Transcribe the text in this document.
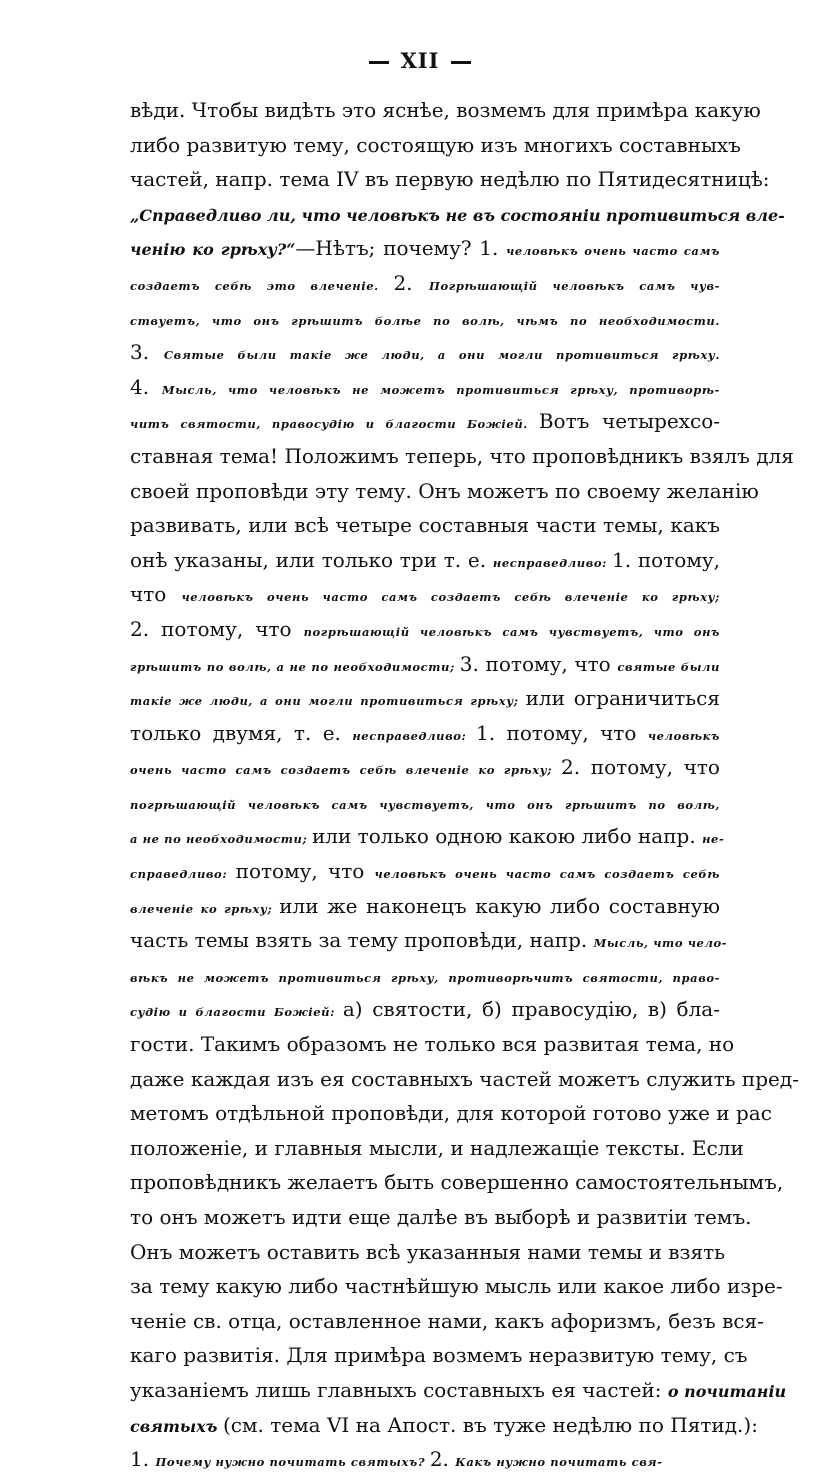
XII
вѣди. Чтобы видѣть это яснѣе, возмемъ для примѣра какую
либо развитую тему, состоящую изъ многихъ составныхъ
частей, напр. тема IV въ первую недѣлю по Пятидесятницѣ:
„Справедливо ли, что человѣкъ не въ состоянiи противиться вле-
ченiю ко грѣху?“—Нѣтъ; почему? 1. человѣкъ очень часто самъ
создаетъ себѣ это влеченiе. 2. Погрѣшающiй человѣкъ самъ чув-
ствуетъ, что онъ грѣшитъ болѣе по волѣ, чѣмъ по необходимости.
3. Святые были такiе же люди, а они могли противиться грѣху.
4. Мысль, что человѣкъ не можетъ противиться грѣху, противорѣ-
читъ святости, правосудiю и благости Божiей. Вотъ четырехсо-
ставная тема! Положимъ теперь, что проповѣдникъ взялъ для
своей проповѣди эту тему. Онъ можетъ по своему желанiю
развивать, или всѣ четыре составныя части темы, какъ
онѣ указаны, или только три т. е. несправедливо: 1. потому,
что человѣкъ очень часто самъ создаетъ себѣ влеченiе ко грѣху;
2. потому, что погрѣшающiй человѣкъ самъ чувствуетъ, что онъ
грѣшитъ по волѣ, а не по необходимости; 3. потому, что святые были
такiе же люди, а они могли противиться грѣху; или ограничиться
только двумя, т. е. несправедливо: 1. потому, что человѣкъ
очень часто самъ создаетъ себѣ влеченiе ко грѣху; 2. потому, что
погрѣшающiй человѣкъ самъ чувствуетъ, что онъ грѣшитъ по волѣ,
а не по необходимости; или только одною какою либо напр. не-
справедливо: потому, что человѣкъ очень часто самъ создаетъ себѣ
влеченiе ко грѣху; или же наконецъ какую либо составную
часть темы взять за тему проповѣди, напр. Мысль, что чело-
вѣкъ не можетъ противиться грѣху, противорѣчитъ святости, право-
судiю и благости Божiей: а) святости, б) правосудiю, в) бла-
гости. Такимъ образомъ не только вся развитая тема, но
даже каждая изъ ея составныхъ частей можетъ служить пред-
метомъ отдѣльной проповѣди, для которой готово уже и рас
положенiе, и главныя мысли, и надлежащiе тексты. Если
проповѣдникъ желаетъ быть совершенно самостоятельнымъ,
то онъ можетъ идти еще далѣе въ выборѣ и развитiи темъ.
Онъ можетъ оставить всѣ указанныя нами темы и взять
за тему какую либо частнѣйшую мысль или какое либо изре-
ченiе св. отца, оставленное нами, какъ афоризмъ, безъ вся-
каго развитiя. Для примѣра возмемъ неразвитую тему, съ
указанiемъ лишь главныхъ составныхъ ея частей: о почитанiи
святыхъ (см. тема VI на Апост. въ туже недѣлю по Пятид.):
1. Почему нужно почитать святыхъ? 2. Какъ нужно почитать свя-
